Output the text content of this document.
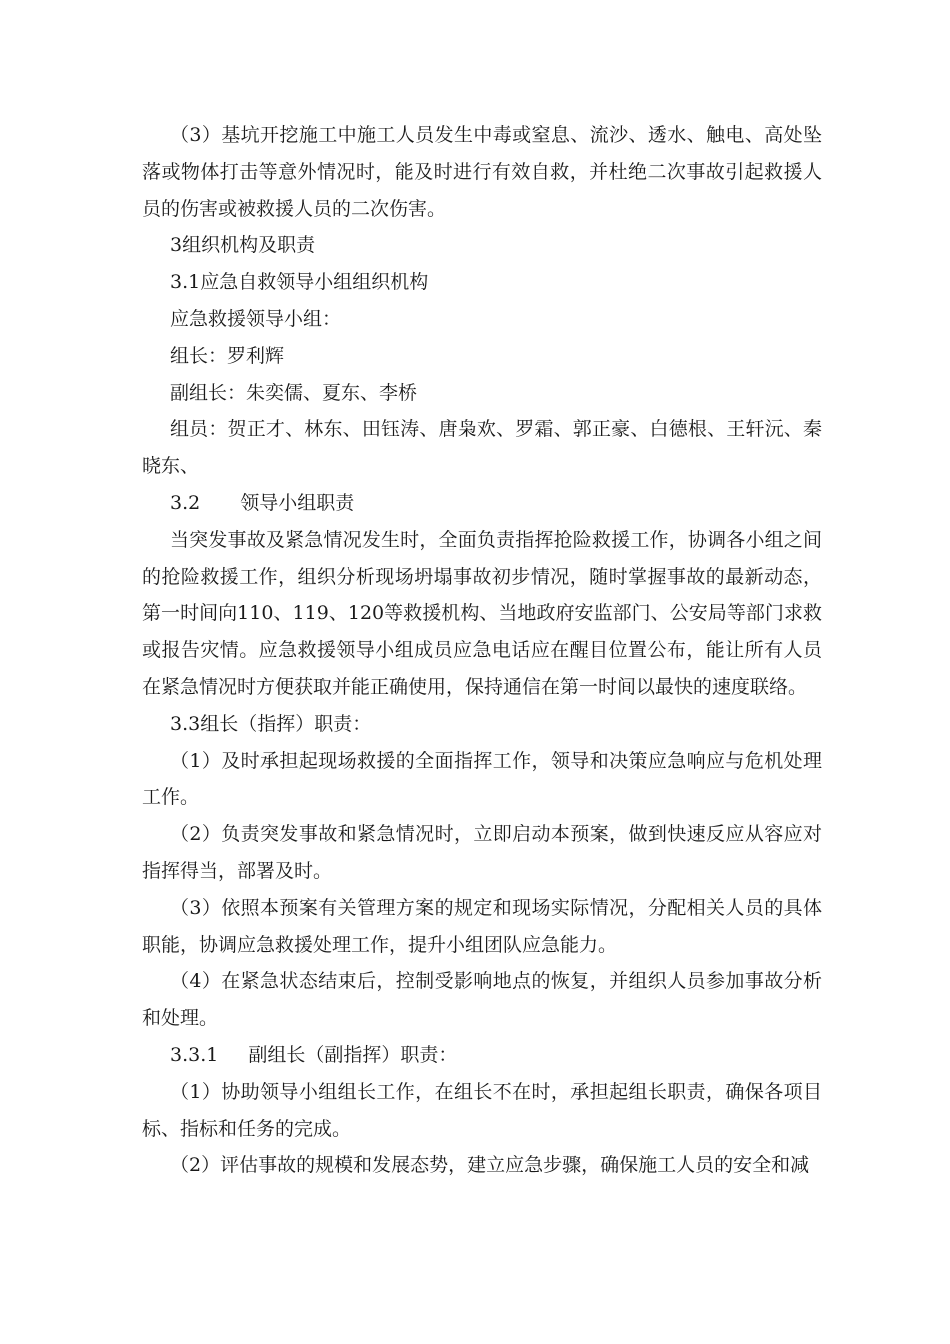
（3）基坑开挖施工中施工人员发生中毒或窒息、流沙、透水、触电、高处坠落或物体打击等意外情况时，能及时进行有效自救，并杜绝二次事故引起救援人员的伤害或被救援人员的二次伤害。

3组织机构及职责

3.1应急自救领导小组组织机构

应急救援领导小组：

组长：罗利辉

副组长：朱奕儒、夏东、李桥

组员：贺正才、林东、田钰涛、唐枭欢、罗霜、郭正豪、白德根、王轩沅、秦晓东、

3.2 领导小组职责

当突发事故及紧急情况发生时，全面负责指挥抢险救援工作，协调各小组之间的抢险救援工作，组织分析现场坍塌事故初步情况，随时掌握事故的最新动态，第一时间向110、119、120等救援机构、当地政府安监部门、公安局等部门求救或报告灾情。应急救援领导小组成员应急电话应在醒目位置公布，能让所有人员在紧急情况时方便获取并能正确使用，保持通信在第一时间以最快的速度联络。

3.3组长（指挥）职责：

（1）及时承担起现场救援的全面指挥工作，领导和决策应急响应与危机处理工作。

（2）负责突发事故和紧急情况时，立即启动本预案，做到快速反应从容应对指挥得当，部署及时。

（3）依照本预案有关管理方案的规定和现场实际情况，分配相关人员的具体职能，协调应急救援处理工作，提升小组团队应急能力。

（4）在紧急状态结束后，控制受影响地点的恢复，并组织人员参加事故分析和处理。

3.3.1 副组长（副指挥）职责：

（1）协助领导小组组长工作，在组长不在时，承担起组长职责，确保各项目标、指标和任务的完成。

（2）评估事故的规模和发展态势，建立应急步骤，确保施工人员的安全和减
